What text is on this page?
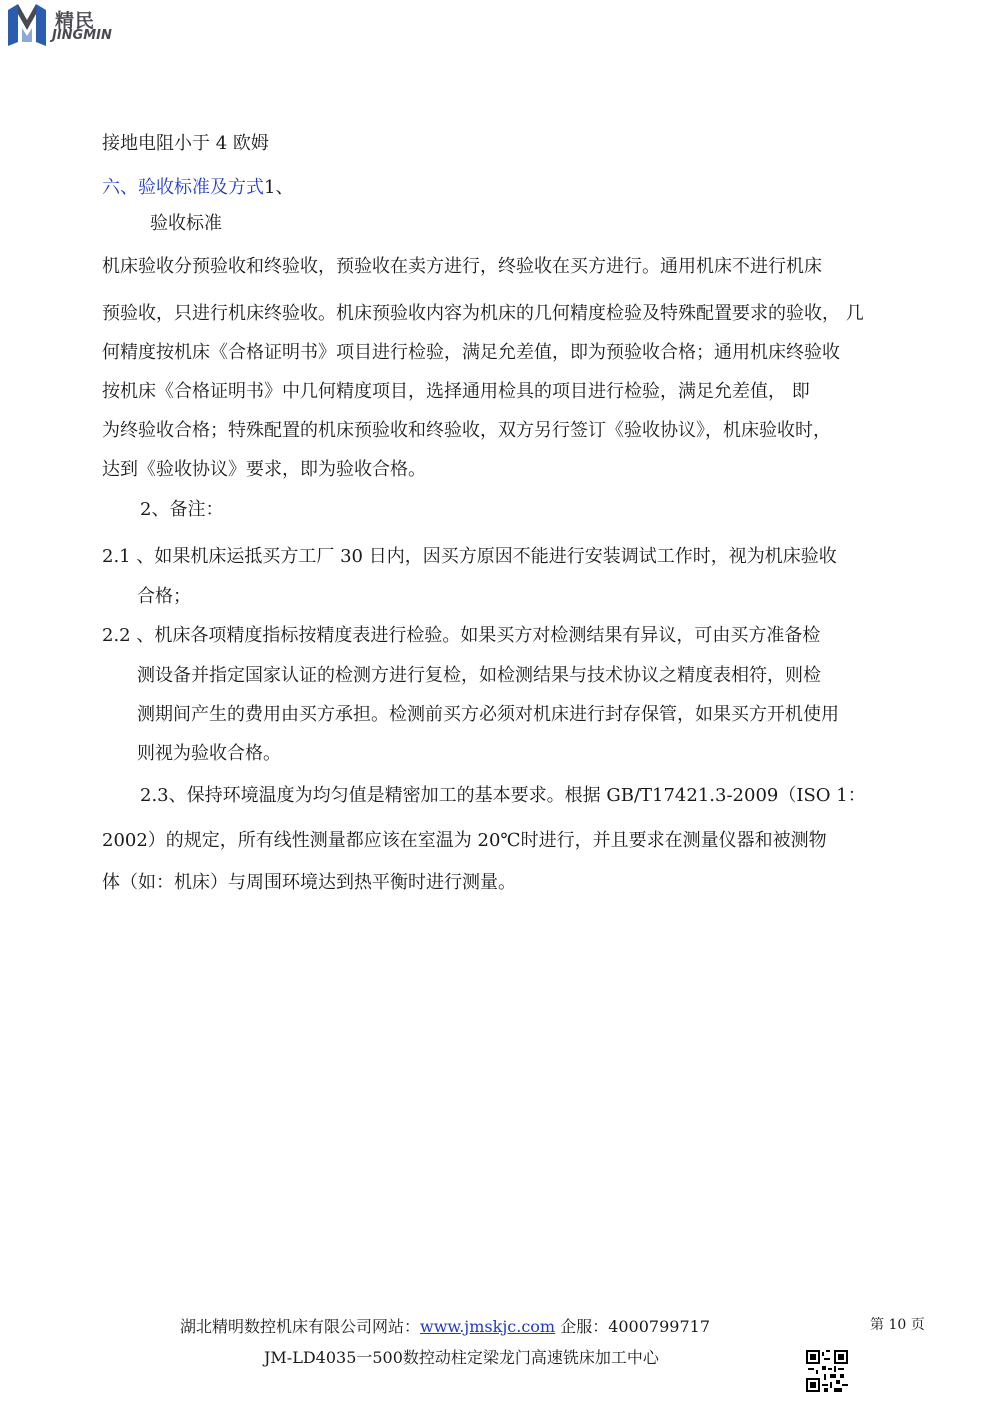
精民
JINGMIN
接地电阻小于 4 欧姆
六、验收标准及方式1、
验收标准
机床验收分预验收和终验收，预验收在卖方进行，终验收在买方进行。通用机床不进行机床
预验收，只进行机床终验收。机床预验收内容为机床的几何精度检验及特殊配置要求的验收， 几
何精度按机床《合格证明书》项目进行检验，满足允差值，即为预验收合格；通用机床终验收
按机床《合格证明书》中几何精度项目，选择通用检具的项目进行检验，满足允差值， 即
为终验收合格；特殊配置的机床预验收和终验收，双方另行签订《验收协议》，机床验收时，
达到《验收协议》要求，即为验收合格。
2、备注：
2.1 、如果机床运抵买方工厂 30 日内，因买方原因不能进行安装调试工作时，视为机床验收
合格；
2.2 、机床各项精度指标按精度表进行检验。如果买方对检测结果有异议，可由买方准备检
测设备并指定国家认证的检测方进行复检，如检测结果与技术协议之精度表相符，则检
测期间产生的费用由买方承担。检测前买方必须对机床进行封存保管，如果买方开机使用
则视为验收合格。
2.3、保持环境温度为均匀值是精密加工的基本要求。根据 GB/T17421.3-2009（ISO 1：
2002）的规定，所有线性测量都应该在室温为 20℃时进行，并且要求在测量仪器和被测物
体（如：机床）与周围环境达到热平衡时进行测量。
湖北精明数控机床有限公司网站：www.jmskjc.com 企服：4000799717	第 10 页
JM-LD4035一500数控动柱定梁龙门高速铣床加工中心
